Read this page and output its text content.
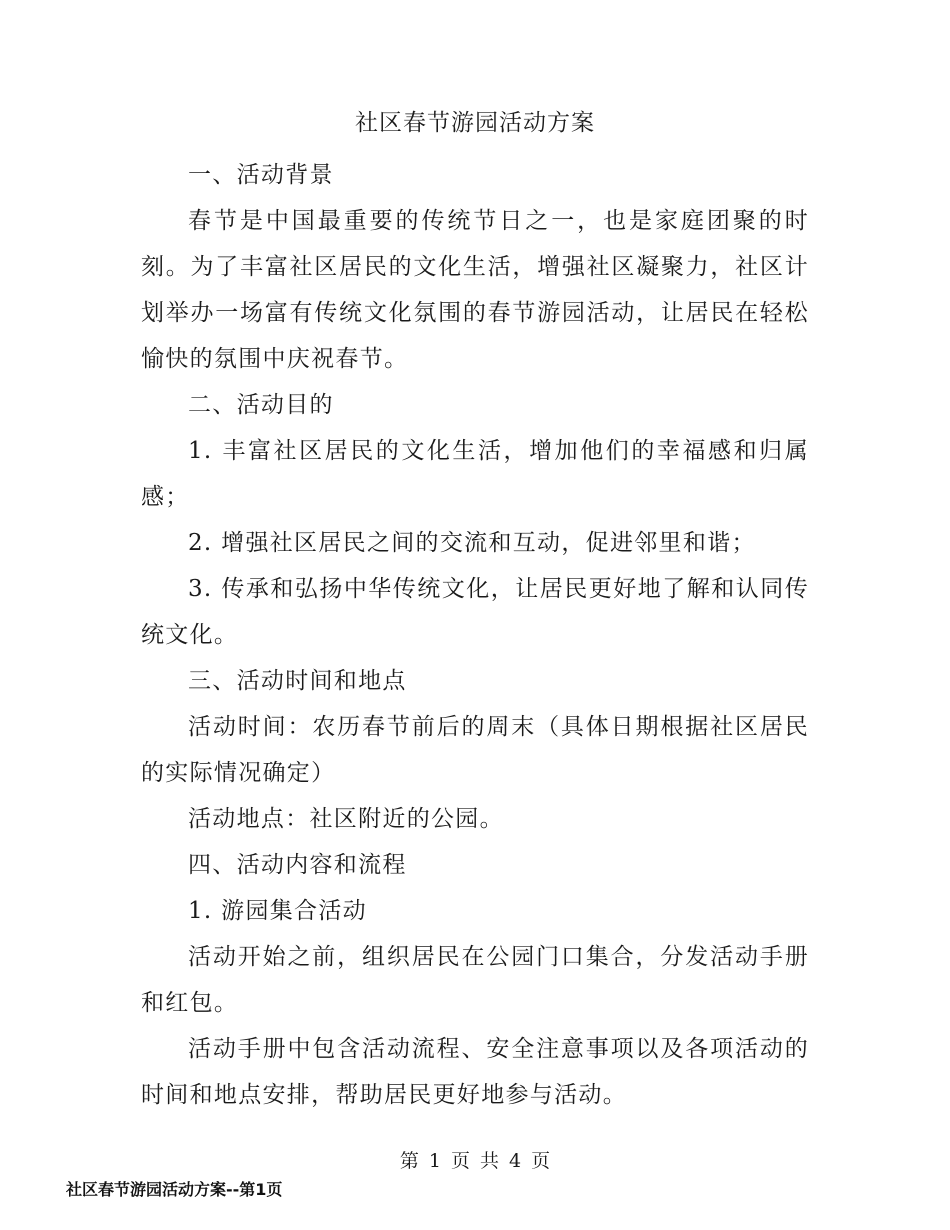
社区春节游园活动方案

一、活动背景

春节是中国最重要的传统节日之一，也是家庭团聚的时刻。为了丰富社区居民的文化生活，增强社区凝聚力，社区计划举办一场富有传统文化氛围的春节游园活动，让居民在轻松愉快的氛围中庆祝春节。

二、活动目的

1. 丰富社区居民的文化生活，增加他们的幸福感和归属感；

2. 增强社区居民之间的交流和互动，促进邻里和谐；

3. 传承和弘扬中华传统文化，让居民更好地了解和认同传统文化。

三、活动时间和地点

活动时间：农历春节前后的周末（具体日期根据社区居民的实际情况确定）

活动地点：社区附近的公园。

四、活动内容和流程

1. 游园集合活动

活动开始之前，组织居民在公园门口集合，分发活动手册和红包。

活动手册中包含活动流程、安全注意事项以及各项活动的时间和地点安排，帮助居民更好地参与活动。

第 1 页 共 4 页
社区春节游园活动方案--第1页
